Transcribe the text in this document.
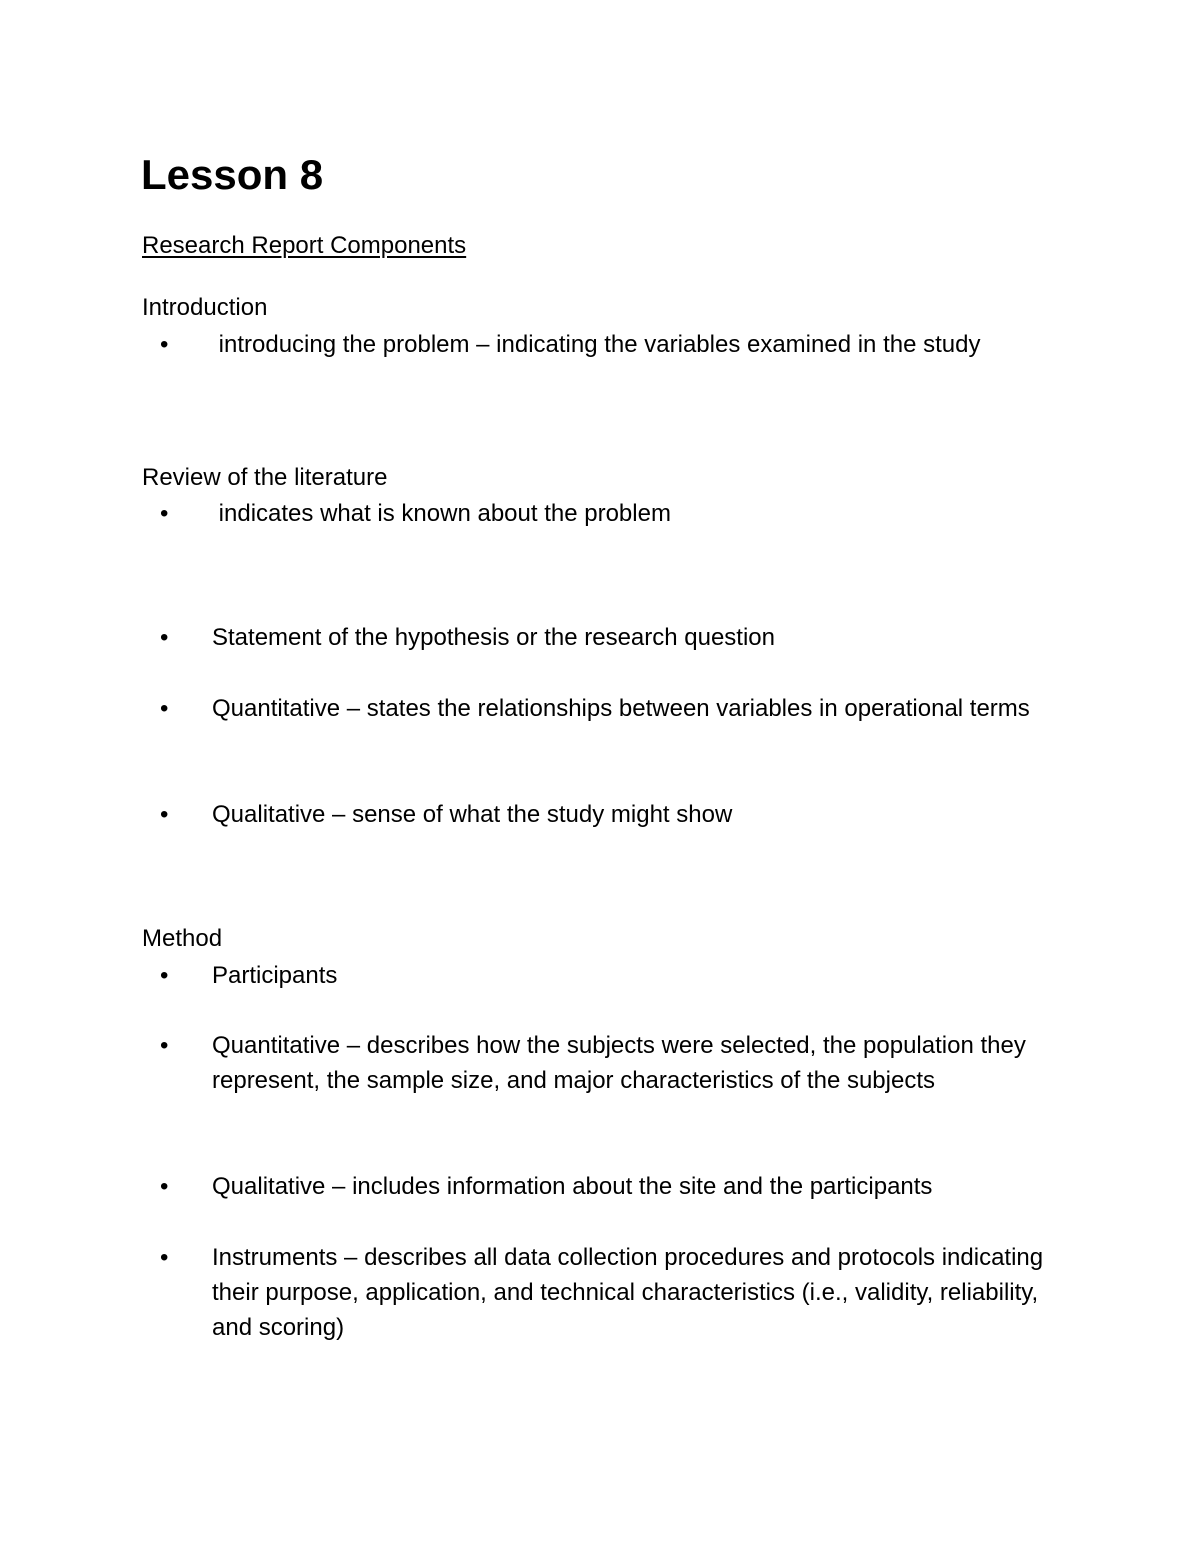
Lesson 8
Research Report Components
Introduction
•	introducing the problem – indicating the variables examined in the study
Review of the literature
•	indicates what is known about the problem
•	Statement of the hypothesis or the research question
•	Quantitative – states the relationships between variables in operational terms
•	Qualitative – sense of what the study might show
Method
•	Participants
•	Quantitative – describes how the subjects were selected, the population they represent, the sample size, and major characteristics of the subjects
•	Qualitative – includes information about the site and the participants
•	Instruments – describes all data collection procedures and protocols indicating their purpose, application, and technical characteristics (i.e., validity, reliability, and scoring)
